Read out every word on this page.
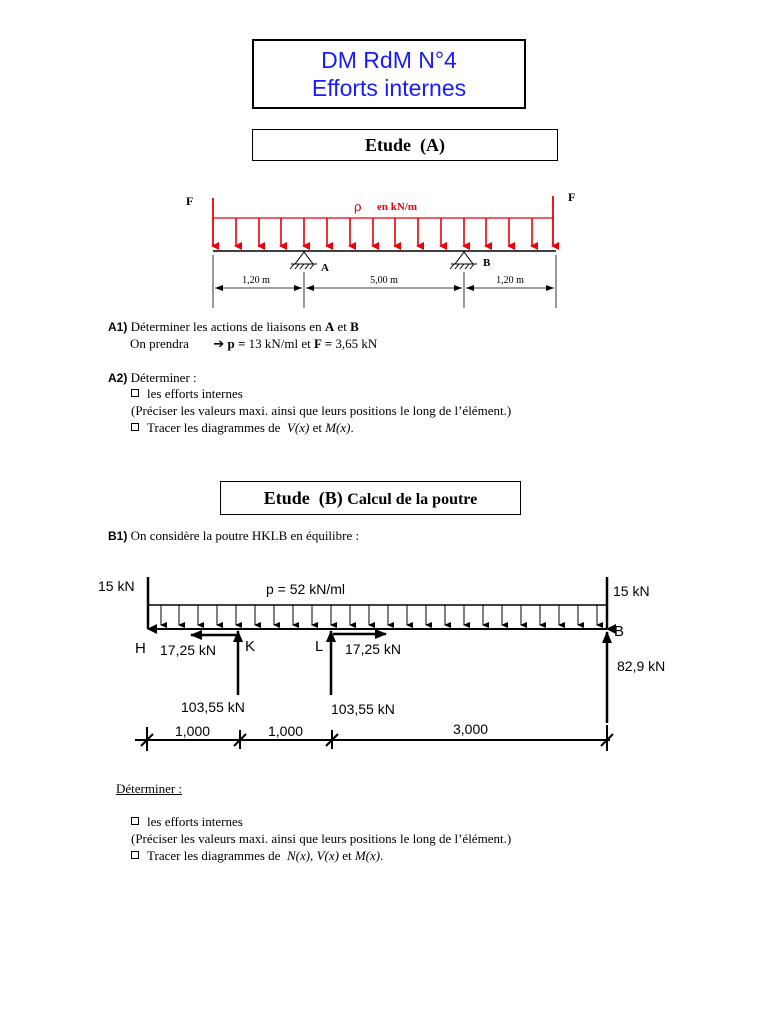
DM RdM N°4
Efforts internes
Etude (A)
F	F
ρ en kN/m
A	B
1,20 m	5,00 m	1,20 m
A1) Déterminer les actions de liaisons en A et B
On prendra ➔ p = 13 kN/ml et F = 3,65 kN
A2) Déterminer :
les efforts internes
(Préciser les valeurs maxi. ainsi que leurs positions le long de l’élément.)
Tracer les diagrammes de V(x) et M(x).
Etude (B) Calcul de la poutre
B1) On considère la poutre HKLB en équilibre :
15 kN	p = 52 kN/ml	15 kN
H	K	L
B
17,25 kN	17,25 kN
82,9 kN
103,55 kN	103,55 kN
1,000	1,000	3,000
Déterminer :
les efforts internes
(Préciser les valeurs maxi. ainsi que leurs positions le long de l’élément.)
Tracer les diagrammes de N(x), V(x) et M(x).
